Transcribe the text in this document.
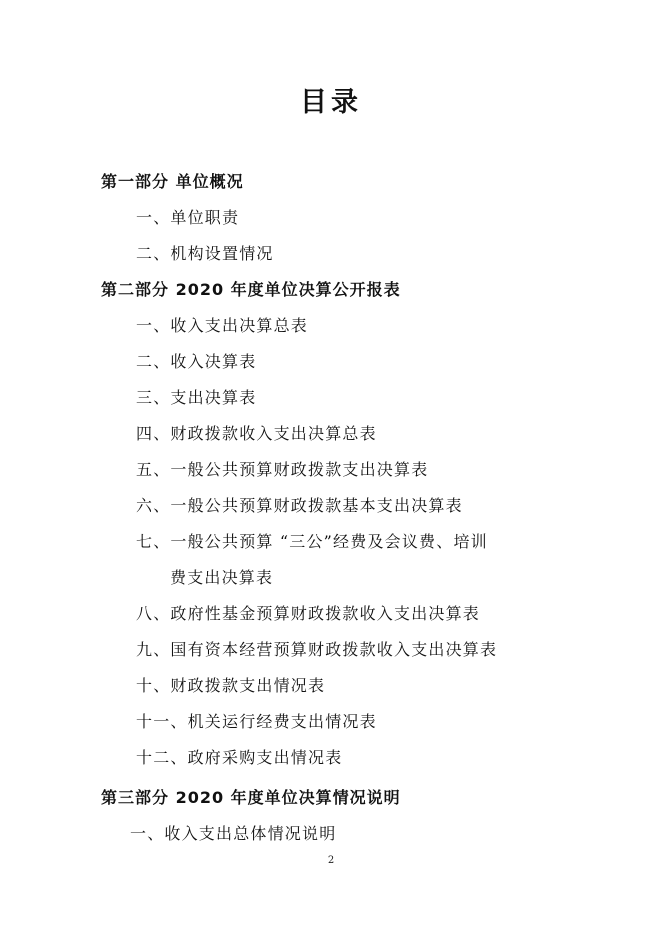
目录
第一部分 单位概况
一、单位职责
二、机构设置情况
第二部分 2020 年度单位决算公开报表
一、收入支出决算总表
二、收入决算表
三、支出决算表
四、财政拨款收入支出决算总表
五、一般公共预算财政拨款支出决算表
六、一般公共预算财政拨款基本支出决算表
七、一般公共预算 “三公”经费及会议费、培训
费支出决算表
八、政府性基金预算财政拨款收入支出决算表
九、国有资本经营预算财政拨款收入支出决算表
十、财政拨款支出情况表
十一、机关运行经费支出情况表
十二、政府采购支出情况表
第三部分 2020 年度单位决算情况说明
一、收入支出总体情况说明
2
